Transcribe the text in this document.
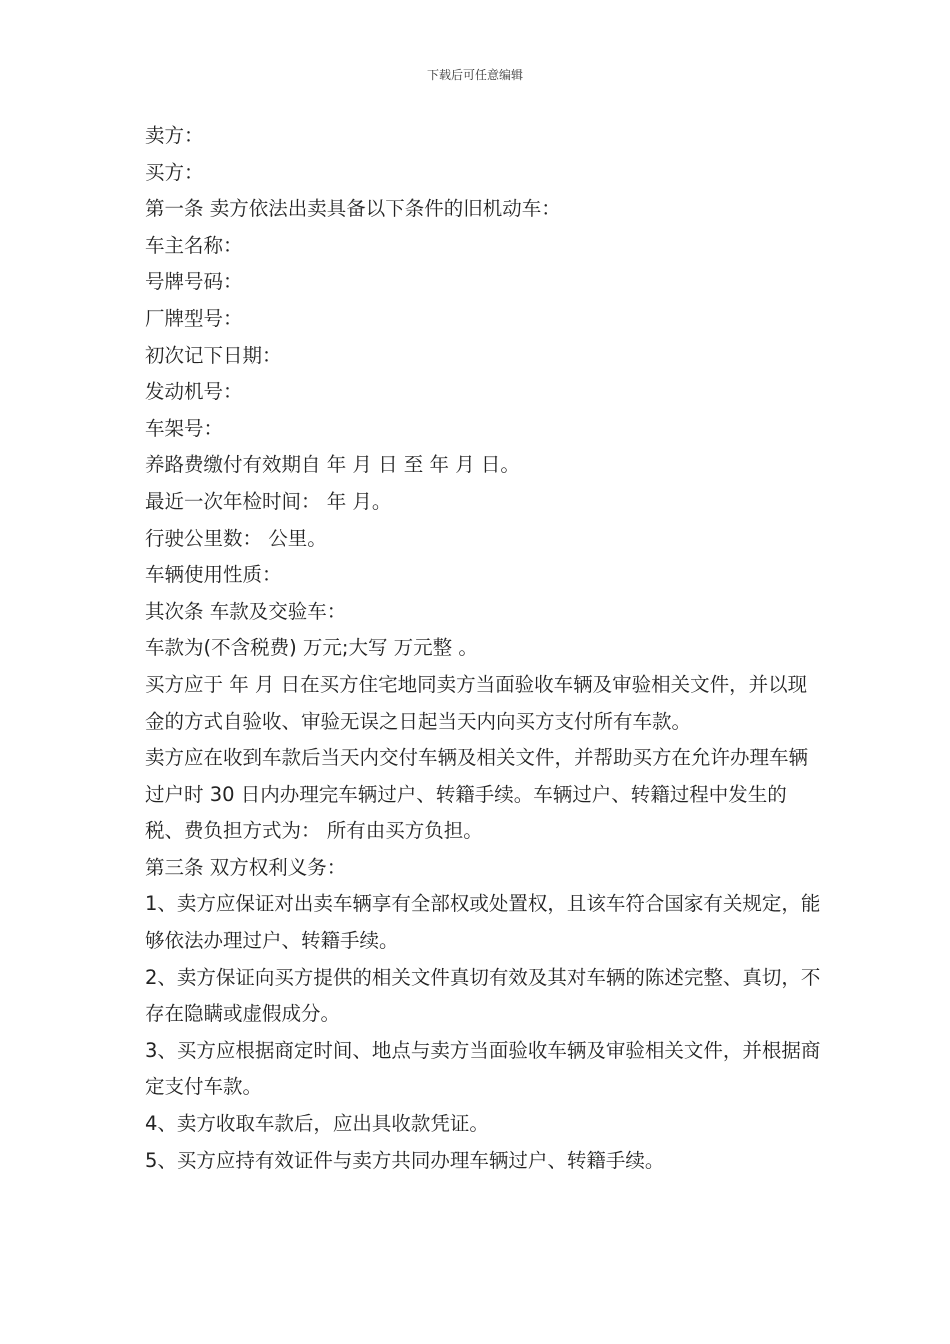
下载后可任意编辑

卖方：

买方：

第一条 卖方依法出卖具备以下条件的旧机动车：

车主名称：

号牌号码：

厂牌型号：

初次记下日期：

发动机号：

车架号：

养路费缴付有效期自 年 月 日 至 年 月 日。

最近一次年检时间： 年 月。

行驶公里数： 公里。

车辆使用性质：

其次条 车款及交验车：

车款为(不含税费) 万元;大写 万元整 。

买方应于 年 月 日在买方住宅地同卖方当面验收车辆及审验相关文件，并以现金的方式自验收、审验无误之日起当天内向买方支付所有车款。

卖方应在收到车款后当天内交付车辆及相关文件，并帮助买方在允许办理车辆过户时 30 日内办理完车辆过户、转籍手续。车辆过户、转籍过程中发生的税、费负担方式为： 所有由买方负担。

第三条 双方权利义务：

1、卖方应保证对出卖车辆享有全部权或处置权，且该车符合国家有关规定，能够依法办理过户、转籍手续。

2、卖方保证向买方提供的相关文件真切有效及其对车辆的陈述完整、真切，不存在隐瞒或虚假成分。

3、买方应根据商定时间、地点与卖方当面验收车辆及审验相关文件，并根据商定支付车款。

4、卖方收取车款后，应出具收款凭证。

5、买方应持有效证件与卖方共同办理车辆过户、转籍手续。
